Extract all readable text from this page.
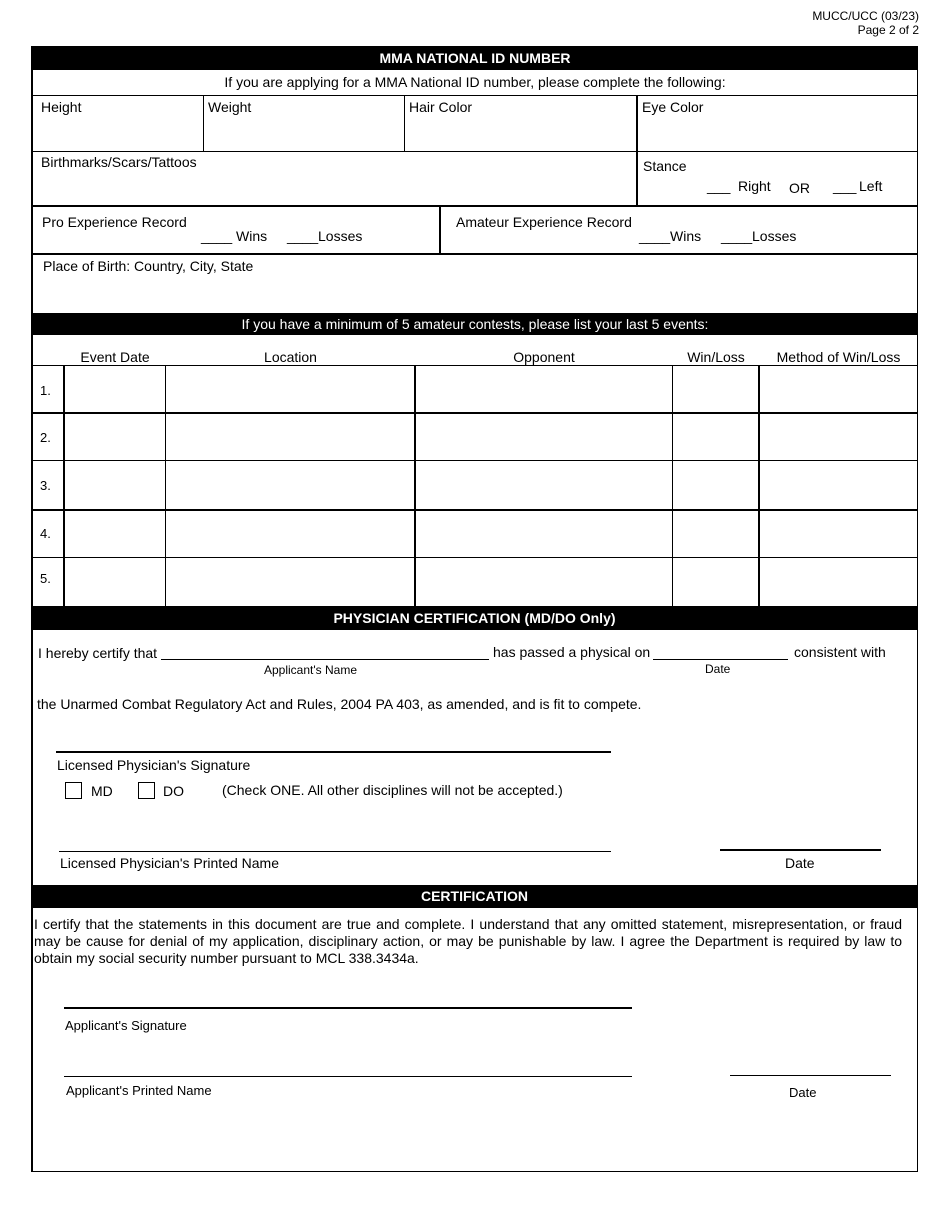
MUCC/UCC (03/23)
Page 2 of 2
MMA NATIONAL ID NUMBER
If you are applying for a MMA National ID number, please complete the following:
Height	Weight	Hair Color	Eye Color
Birthmarks/Scars/Tattoos	Stance
___ Right OR ___ Left
Pro Experience Record
____ Wins ____ Losses
Amateur Experience Record
____ Wins ____ Losses
Place of Birth: Country, City, State
If you have a minimum of 5 amateur contests, please list your last 5 events:
Event Date	Location	Opponent	Win/Loss	Method of Win/Loss
1.
2.
3.
4.
5.
PHYSICIAN CERTIFICATION (MD/DO Only)
I hereby certify that
Applicant's Name
has passed a physical on
Date
consistent with
the Unarmed Combat Regulatory Act and Rules, 2004 PA 403, as amended, and is fit to compete.
Licensed Physician's Signature
MD	DO	(Check ONE. All other disciplines will not be accepted.)
Licensed Physician's Printed Name	Date
CERTIFICATION
I certify that the statements in this document are true and complete. I understand that any omitted statement, misrepresentation, or fraud may be cause for denial of my application, disciplinary action, or may be punishable by law. I agree the Department is required by law to obtain my social security number pursuant to MCL 338.3434a.
Applicant's Signature
Applicant's Printed Name	Date
